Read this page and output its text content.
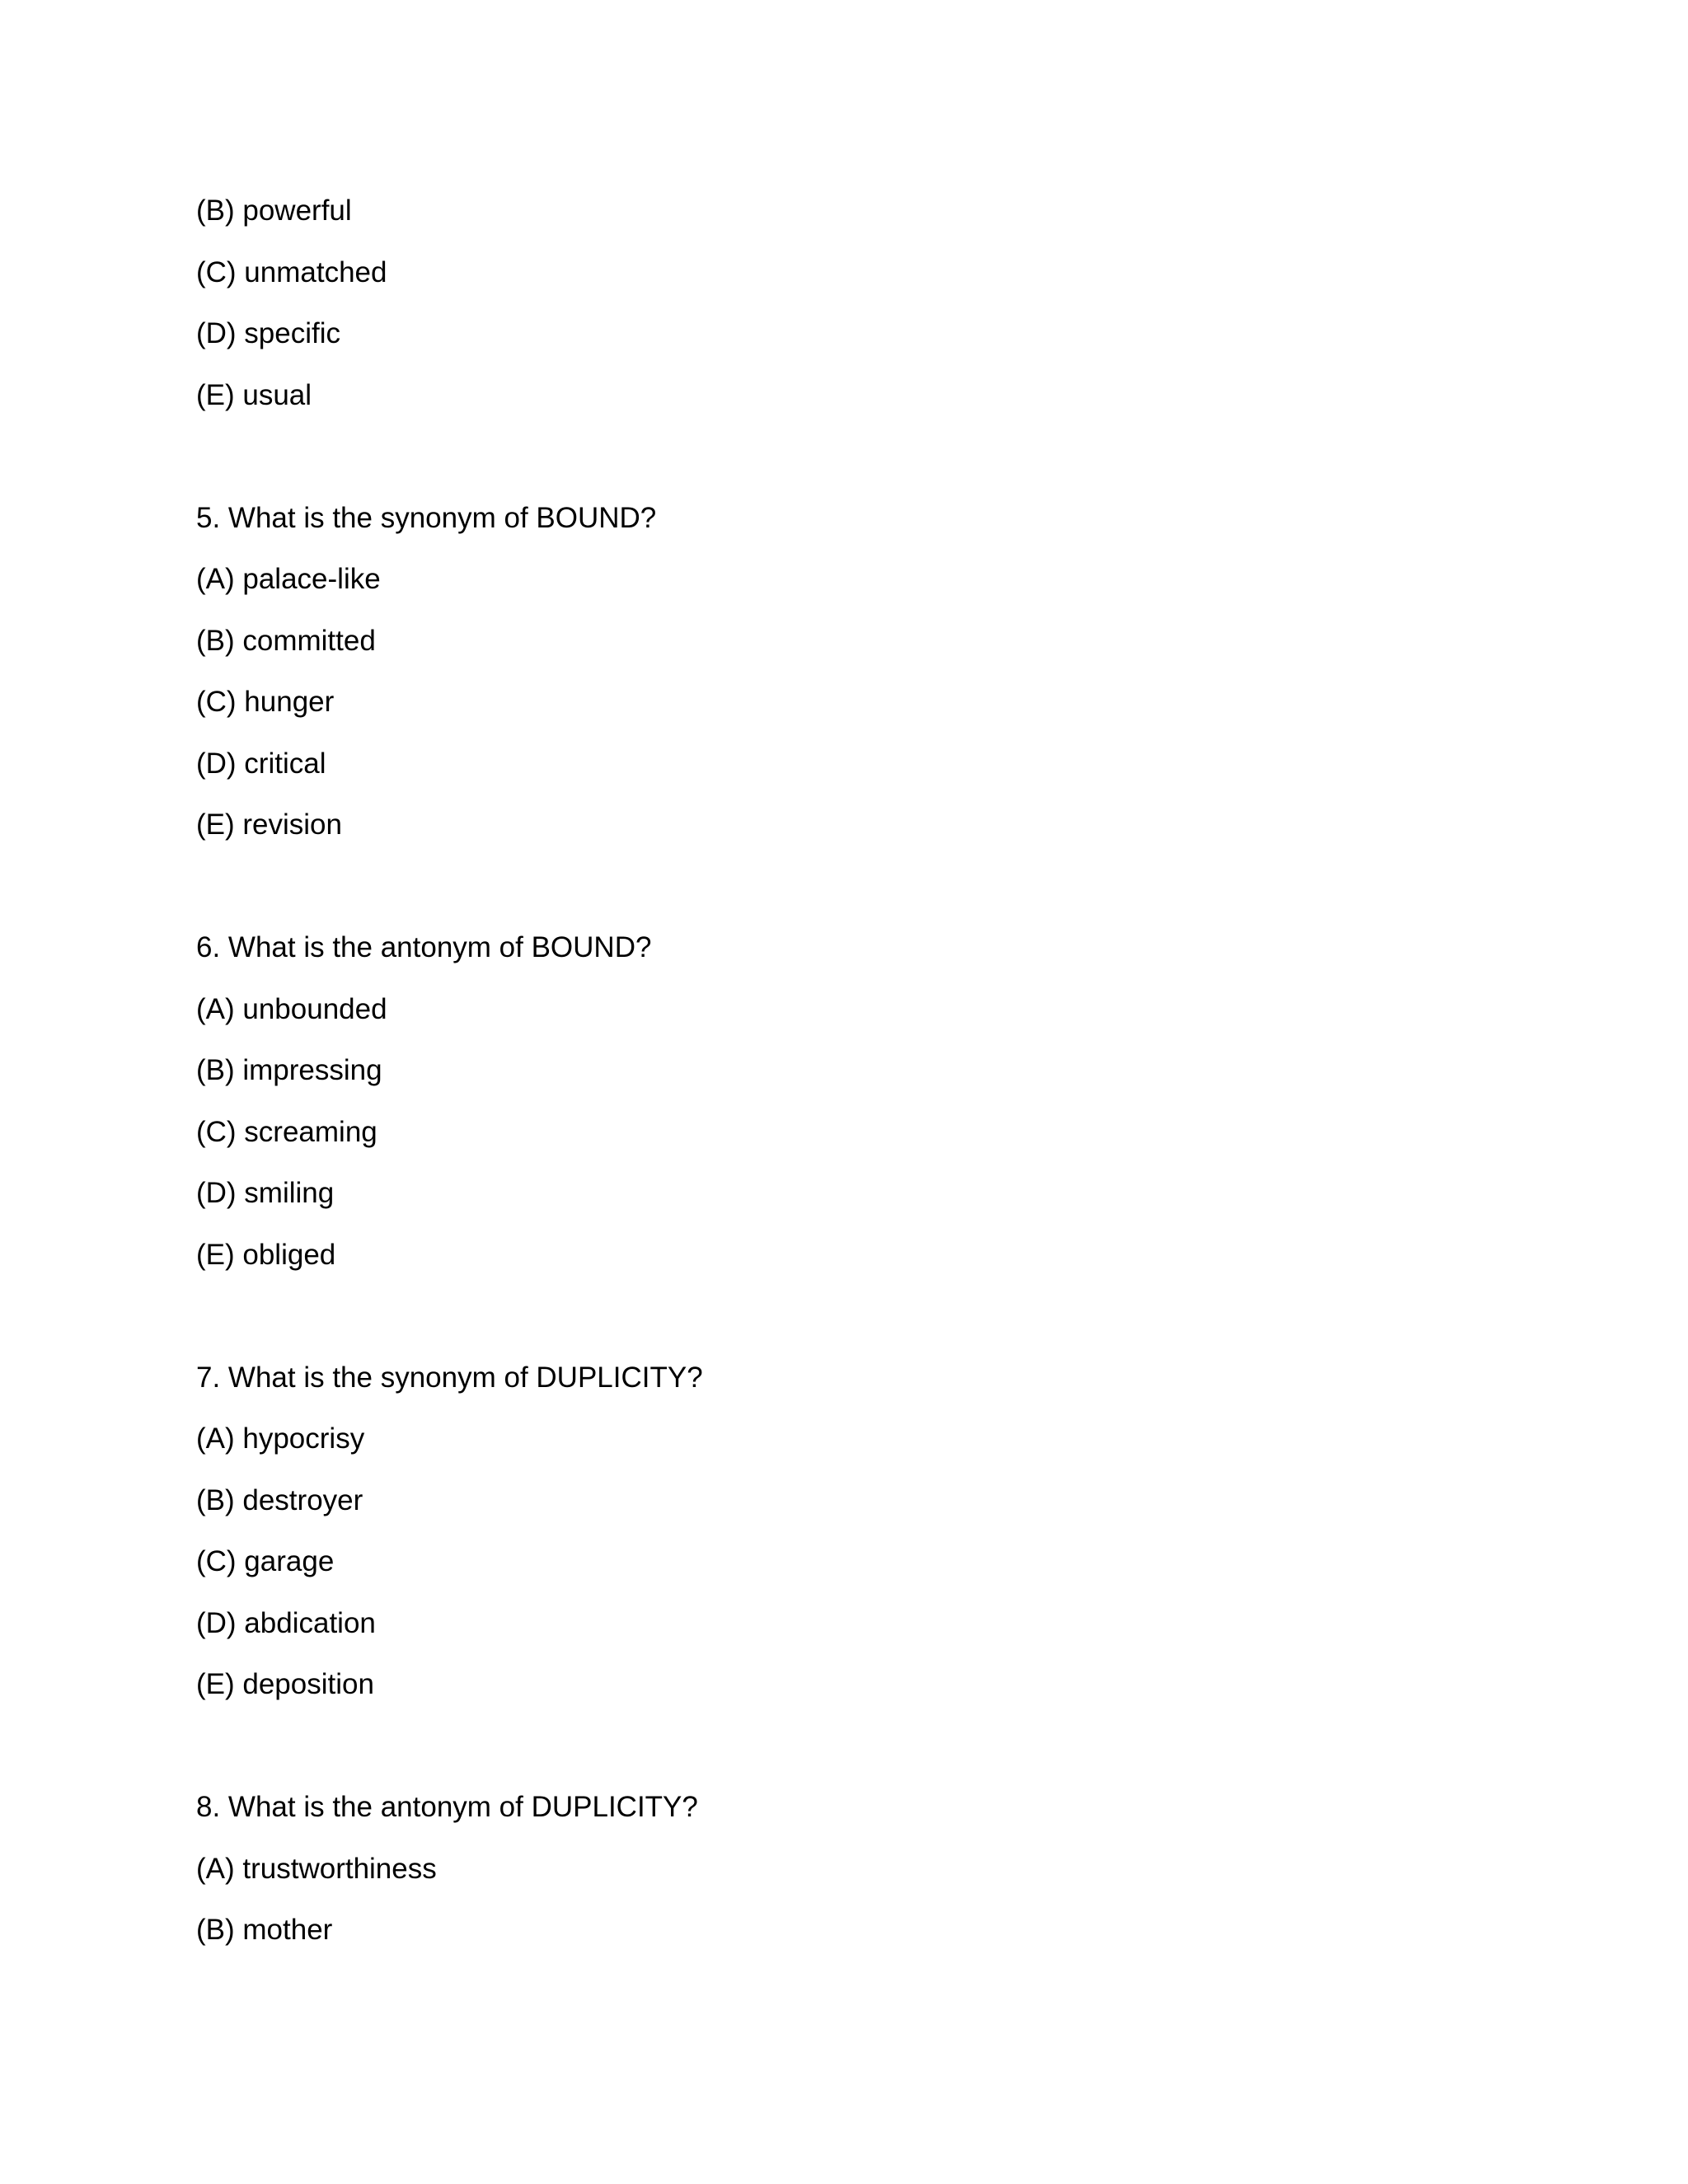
(B) powerful
(C) unmatched
(D) specific
(E) usual
5. What is the synonym of BOUND?
(A) palace-like
(B) committed
(C) hunger
(D) critical
(E) revision
6. What is the antonym of BOUND?
(A) unbounded
(B) impressing
(C) screaming
(D) smiling
(E) obliged
7. What is the synonym of DUPLICITY?
(A) hypocrisy
(B) destroyer
(C) garage
(D) abdication
(E) deposition
8. What is the antonym of DUPLICITY?
(A) trustworthiness
(B) mother
